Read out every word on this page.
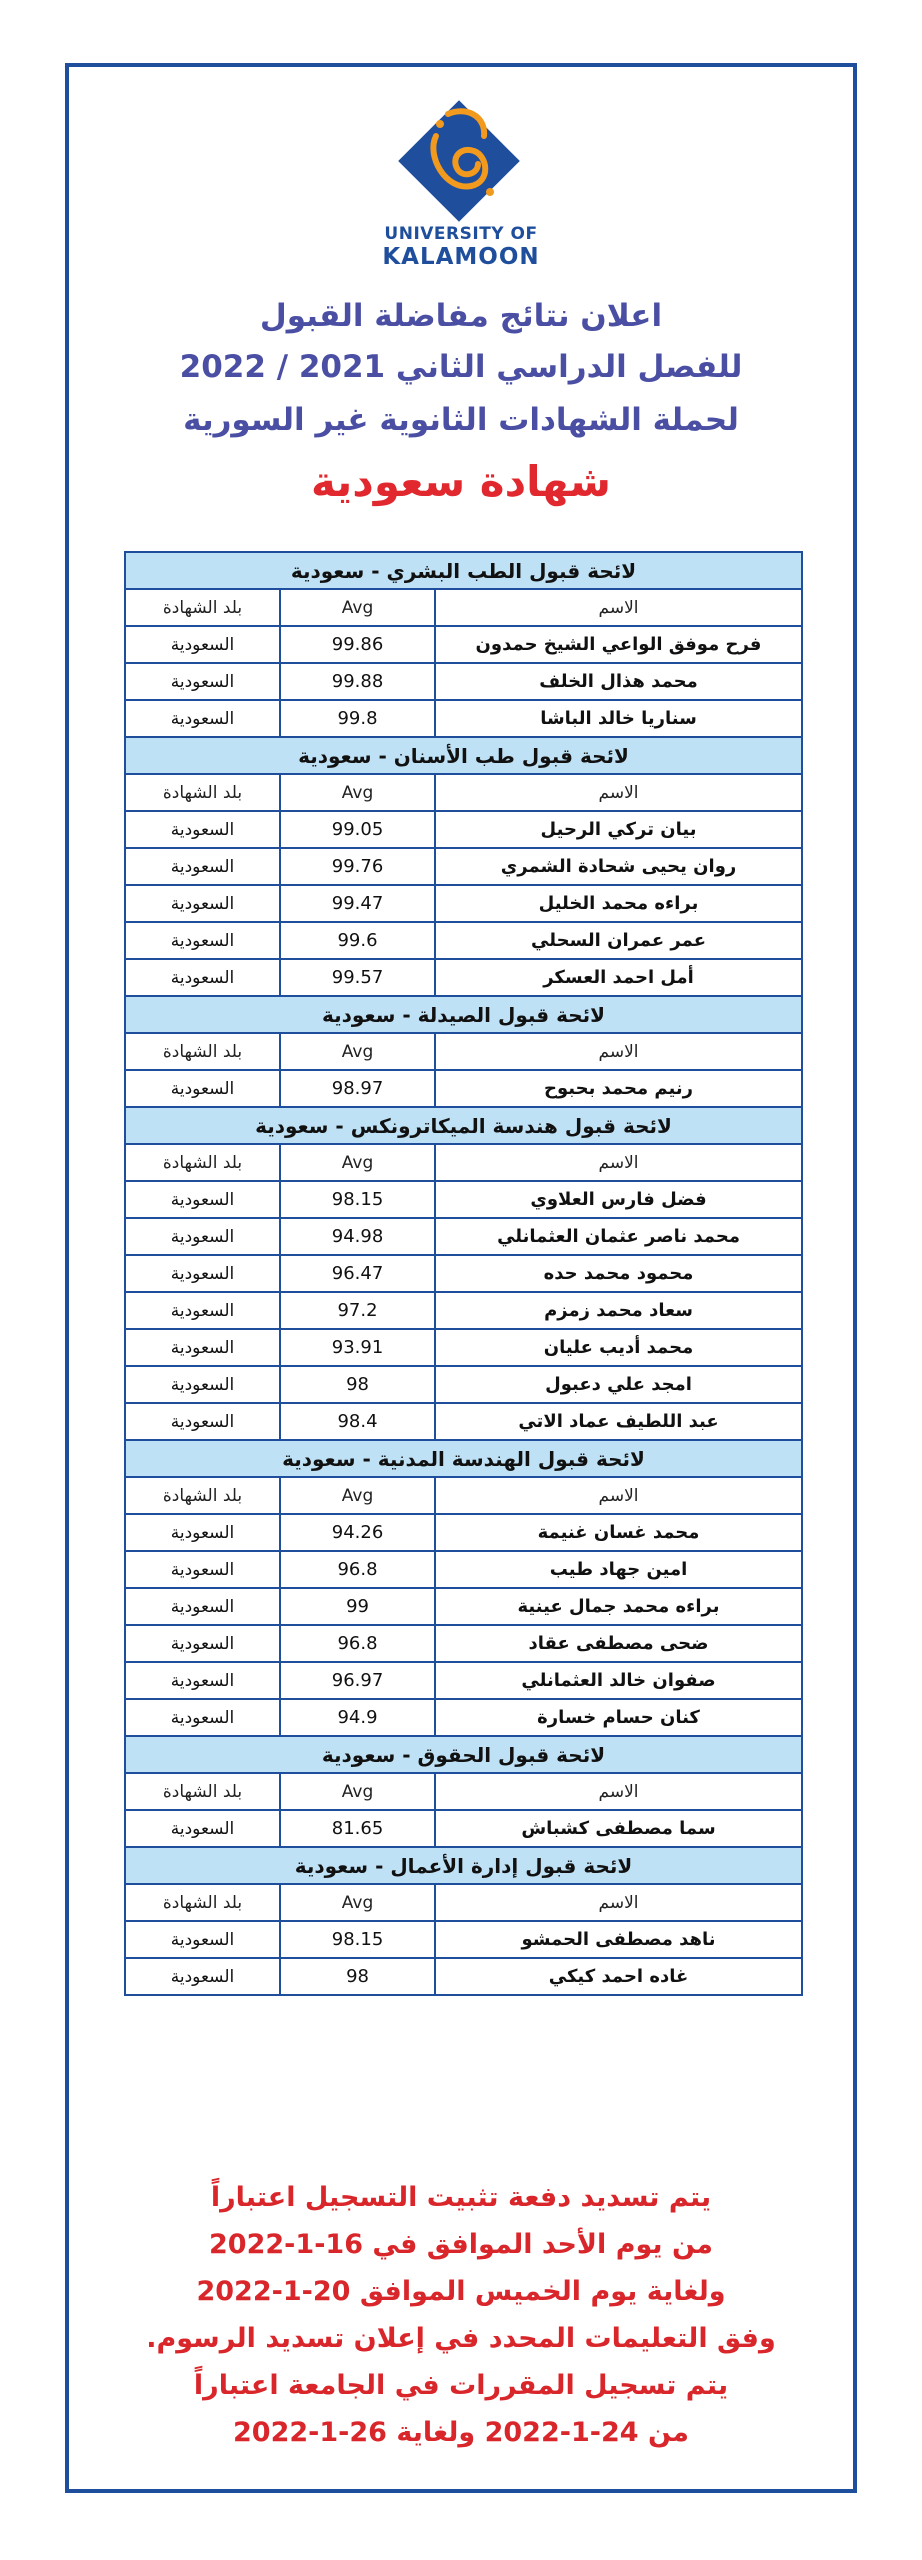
UNIVERSITY OF
KALAMOON
اعلان نتائج مفاضلة القبول
للفصل الدراسي الثاني 2021 / 2022
لحملة الشهادات الثانوية غير السورية
شهادة سعودية
لائحة قبول الطب البشري - سعودية		
الاسم	Avg	بلد الشهادة
فرح موفق الواعي الشيخ حمدون	99.86	السعودية
محمد هذال الخلف	99.88	السعودية
سناريا خالد الباشا	99.8	السعودية
لائحة قبول طب الأسنان - سعودية		
الاسم	Avg	بلد الشهادة
بيان تركي الرحيل	99.05	السعودية
روان يحيى شحادة الشمري	99.76	السعودية
براءه محمد الخليل	99.47	السعودية
عمر عمران السحلي	99.6	السعودية
أمل احمد العسكر	99.57	السعودية
لائحة قبول الصيدلة - سعودية		
الاسم	Avg	بلد الشهادة
رنيم محمد بحبوح	98.97	السعودية
لائحة قبول هندسة الميكاترونكس - سعودية		
الاسم	Avg	بلد الشهادة
فضل فارس العلاوي	98.15	السعودية
محمد ناصر عثمان العثمانلي	94.98	السعودية
محمود محمد حده	96.47	السعودية
سعاد محمد زمزم	97.2	السعودية
محمد أديب عليان	93.91	السعودية
امجد علي دعبول	98	السعودية
عبد اللطيف عماد الاتي	98.4	السعودية
لائحة قبول الهندسة المدنية - سعودية		
الاسم	Avg	بلد الشهادة
محمد غسان غنيمة	94.26	السعودية
امين جهاد طيب	96.8	السعودية
براءه محمد جمال عينية	99	السعودية
ضحى مصطفى عقاد	96.8	السعودية
صفوان خالد العثمانلي	96.97	السعودية
كنان حسام خسارة	94.9	السعودية
لائحة قبول الحقوق - سعودية		
الاسم	Avg	بلد الشهادة
سما مصطفى كشباش	81.65	السعودية
لائحة قبول إدارة الأعمال - سعودية		
الاسم	Avg	بلد الشهادة
ناهد مصطفى الحمشو	98.15	السعودية
غاده احمد كيكي	98	السعودية
يتم تسديد دفعة تثبيت التسجيل اعتباراً
من يوم الأحد الموافق في 16-1-2022
ولغاية يوم الخميس الموافق 20-1-2022
وفق التعليمات المحدد في إعلان تسديد الرسوم.
يتم تسجيل المقررات في الجامعة اعتباراً
من 24-1-2022 ولغاية 26-1-2022
